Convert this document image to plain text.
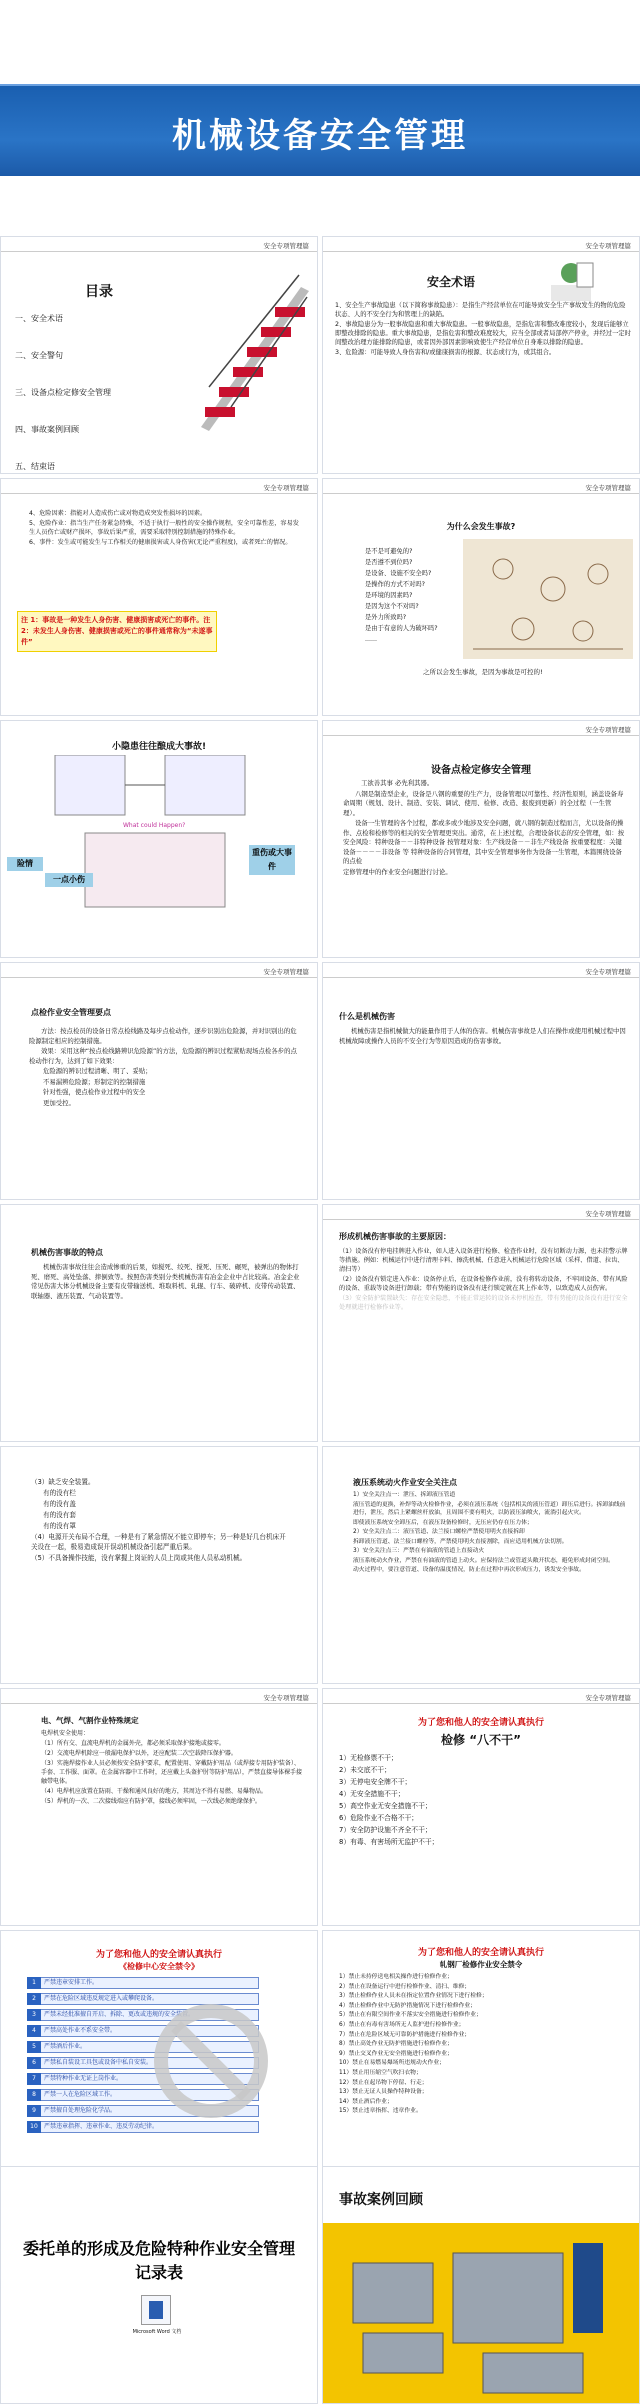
机械设备安全管理
安全专项管理篇
目录
一、安全术语
二、安全警句
三、设备点检定修安全管理
四、事故案例回顾
五、结束语
安全专项管理篇
安全术语
1、安全生产事故隐患（以下简称事故隐患）：是指生产经营单位在可能导致安全生产事故发生的物的危险状态、人的不安全行为和管理上的缺陷。
2、事故隐患分为一般事故隐患和重大事故隐患。一般事故隐患，是指危害和整改难度较小，发现后能够立即整改排除的隐患。重大事故隐患，是指危害和整改难度较大，应当全部或者局部停产停业，并经过一定时间整改治理方能排除的隐患，或者因外部因素影响致使生产经营单位自身难以排除的隐患。
3、危险源：可能导致人身伤害和/或健康损害的根源、状态或行为，或其组合。
安全专项管理篇
4、危险因素：指能对人造成伤亡或对物造成突发性损坏的因素。
5、危险作业：指当生产任务紧急特殊，不适于执行一般性的安全操作规程，安全可靠性差，容易发生人员伤亡或财产损坏，事故后果严重，需要采取特别控制措施的特殊作业。
6、事件：发生或可能发生与工作相关的健康损害或人身伤害(无论严重程度)，或者死亡的情况。
注 1：事故是一种发生人身伤害、健康损害或死亡的事件。注 2：未发生人身伤害、健康损害或死亡的事件通常称为“未遂事件”
安全专项管理篇
为什么会发生事故?
是不是可避免的?
是否遵不到位吗?
是设备、设施不安全吗?
是操作的方式不对吗?
是环境的因素吗?
是因为这个不对吗?
是外力所致吗?
是由于有意的人为破坏吗?
......
之所以会发生事故，是因为事故是可控的!
小隐患往往酿成大事故!
What could Happen?
险情
一点小伤
重伤或大事件
安全专项管理篇
设备点检定修安全管理
工欲善其事 必先利其器。
八钢是制造型企业，设备是八钢的重要的生产力，设备管理以可靠性、经济性原则，涵盖设备寿命周期（规划、设计、制造、安装、调试、使用、检修、改造、报废到更新）的全过程（一生管理）。
设备一生管理的各个过程，都或多或少地涉及安全问题，就八钢的制造过程而言，尤以设备的操作、点检和检修等的相关的安全管理更突出。通常，在上述过程，合理设备状态的安全管理，如：按安全风险：特种设备－－非特种设备 按管理对象：生产线设备－－非生产线设备 按重要程度：关键设备－－－－非设备 等 特种设备的合同管理，其中安全管理事务作为设备一生管理，本篇围绕设备的点检
定修管理中的作业安全问题进行讨论。
安全专项管理篇
点检作业安全管理要点
方法：按点检员的设备日常点检线路及每步点检动作，逐步识别出危险源，并对识别出的危险源制定相应的控制措施。
效果：采用这种“按点检线路辨识危险源”的方法，危险源的辨识过程紧贴现场点检各步的点检动作行为，达到了如下效果：
危险源的辨识过程清晰、明了、妥贴；
不易漏辨危险源；形制定的控制措施
针对性强，使点检作业过程中的安全
更加受控。
安全专项管理篇
什么是机械伤害
机械伤害是指机械做大的能量作用于人体的伤害。机械伤害事故是人们在操作或使用机械过程中因机械故障或操作人员的不安全行为等原因造成的伤害事故。
机械伤害事故的特点
机械伤害事故往往会造成惨重的后果，如搅死、绞死、搅死、压死、碾死，被弹出的物体打死、磨死、高处坠落、摔倒致等。按照伤害类别分类机械伤害有冶金企业中占比较高。冶金企业常见伤害大体分机械设备主要有皮带输送机、堆取料机、轧辊、行车、破碎机、皮带传动装置、联轴器、液压装置、气动装置等。
安全专项管理篇
形成机械伤害事故的主要原因：
（1）设备没有停电挂牌进入作业，如人进入设备进行检修、检查作业时，没有切断动力源，也未挂警示牌等措施。例如：机械运行中进行清理卡料、擦洗机械、任意进入机械运行危险区域（采样、借道、拉齿、清扫等）
（2）设备没有锁定进入作业：设备停止后，在设备检修作业前，没有将转动设备，不牢固设备、带有风险的设备、重载等设备进行卸载；带有势能的设备没有进行锁定就在其上作业等，以致造成人员伤害。
（3）安全防护装置缺失：存在安全隐患，不能正常运转的设备未停机检查，带有势能的设备没有进行安全处理就进行检修作业等。
（3）缺乏安全装置。
有的没有栏
有的没有盖
有的没有套
有的没有罩
（4）电源开关布局不合理，一种是有了紧急情况不能立即停车；另一种是好几台机床开关设在一起，极易造成误开误动机械设备引起严重后果。
（5）不具备操作技能，没有掌握上岗证的人员上岗或其他人员私动机械。
液压系统动火作业安全关注点
1）安全关注点一：泄压、拆卸液压管道
液压管道的更换，补焊等动火检修作业，必须在液压系统（包括相关的液压管道）卸压后进行。拆卸油线前进行，泄压，然后上紧螺丝杆放油，且周围不要有明火，以防液压油喷火，流淌引起火灾。
即使液压系统安全卸压后，在液压设备检修时，无压应仍存在压力体；
2）安全关注点二：液压管道、法兰接口螺栓严禁使用明火直接拆卸
拆卸液压管道、法兰接口螺栓等，严禁使用明火直接割除，而应适用机械方法切割。
3）安全关注点三：严禁在有油液的管道上直接动火
液压系统动火作业，严禁在有油液的管道上动火。应保持法兰或管道头敞开状态，避免形成封闭空间。
动火过程中，要注意管道、设备的温度情况，防止在过程中再次形成压力，诱发安全事故。
安全专项管理篇
电、气焊、气割作业特殊规定
电焊机安全使用：
（1）所有交、直流电焊机的金属外壳，都必须采取保护接地或接零。
（2）交流电焊机除应一般漏电保护以外，还应配装二次空载降压保护器。
（3）实施焊接作业人员必须按安全防护要求，配置使用、穿戴防护用品（或焊接专用防护装备）、手套、工作服、面罩。在金属容器中工作时，还应戴上头盔护肘等防护用品），严禁直接导体裸手接触带电体。
（4）电焊机应放置在防雨、干燥和通风良好的地方，其周边不得有易燃、易爆物品。
（5）焊机的一次、二次接线端应有防护罩，接线必须牢固，一次线必须绝缘保护。
安全专项管理篇
为了您和他人的安全请认真执行
检修 “八不干”
1）无检修票不干；
2）未交底不干；
3）无停电安全牌不干；
4）无安全措施不干；
5）高空作业无安全措施不干；
6）危险作业不合格不干；
7）安全防护设施不齐全不干；
8）有毒、有害场所无监护不干；
为了您和他人的安全请认真执行
《检修中心安全禁令》
1	严禁违章安排工作。
2	严禁在危险区域违反规定进入或攀爬设备。
3	严禁未经批准擅自开启、拆除、更改或违规的安全装置。
4	严禁高处作业不系安全带。
5	严禁酒后作业。
6	严禁私自装设工具包或设备中私自安装。
7	严禁特种作业无证上岗作业。
8	严禁一人在危险区域工作。
9	严禁擅自处理危险化学品。
10	严禁违章指挥、违章作业、违反劳动纪律。
为了您和他人的安全请认真执行
轧钢厂检修作业安全禁令
1）禁止未持停送电相关操作进行检修作业；
2）禁止在设备运行中进行检修作业、清扫、维修；
3）禁止检修作业人员未在指定位置作业情况下进行检修；
4）禁止检修作业中无防护措施情况下进行检修作业；
5）禁止在有限空间作业不落实安全措施进行检修作业；
6）禁止在有毒有害场所无人监护进行检修作业；
7）禁止在危险区域无可靠防护措施进行检修作业；
8）禁止高处作业无防护措施进行检修作业；
9）禁止交叉作业无安全措施进行检修作业；
10）禁止在易燃易爆场所违规动火作业；
11）禁止用压缩空气吹扫衣物；
12）禁止在起吊物下停留、行走；
13）禁止无证人员操作特种设备；
14）禁止酒后作业；
15）禁止违章指挥、违章作业。
委托单的形成及危险特种作业安全管理记录表
Microsoft Word 文档
事故案例回顾
